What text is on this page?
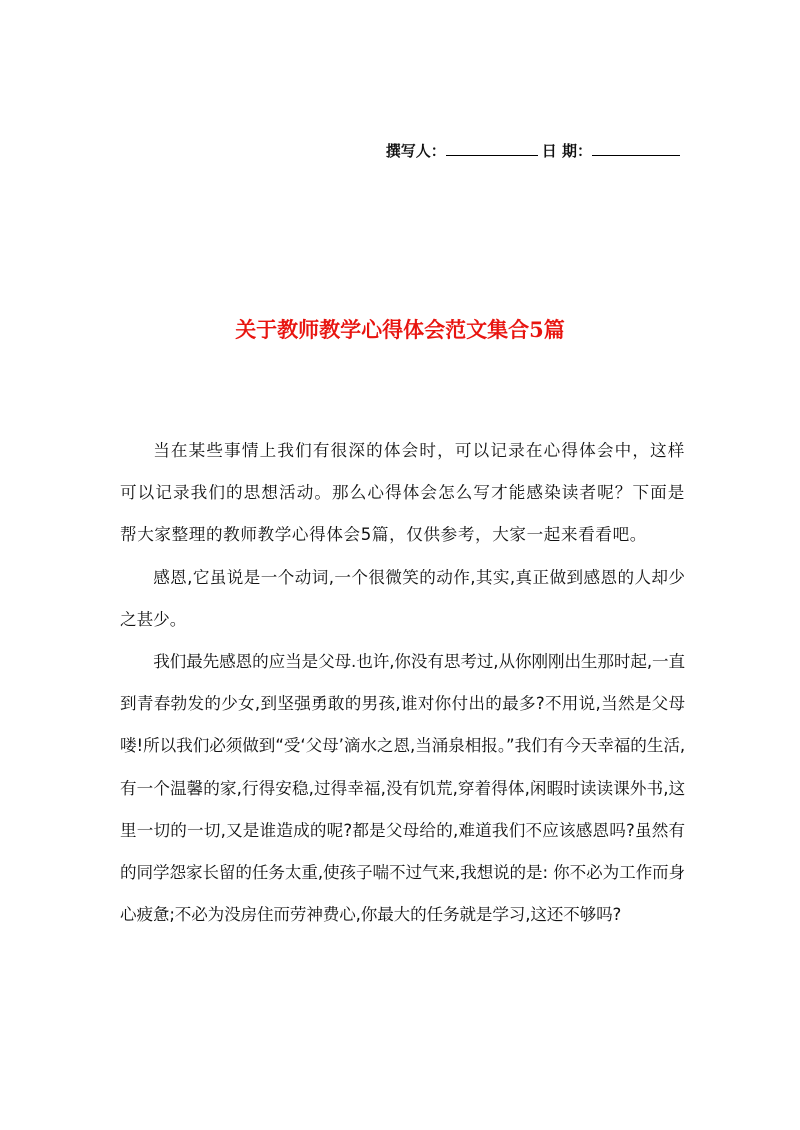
撰写人：	日 期：
关于教师教学心得体会范文集合5篇

当在某些事情上我们有很深的体会时，可以记录在心得体会中，这样可以记录我们的思想活动。那么心得体会怎么写才能感染读者呢？下面是帮大家整理的教师教学心得体会5篇，仅供参考，大家一起来看看吧。

感恩,它虽说是一个动词,一个很微笑的动作,其实,真正做到感恩的人却少之甚少。

我们最先感恩的应当是父母.也许,你没有思考过,从你刚刚出生那时起,一直到青春勃发的少女,到坚强勇敢的男孩,谁对你付出的最多?不用说,当然是父母喽!所以我们必须做到“受‘父母’滴水之恩,当涌泉相报。”我们有今天幸福的生活,有一个温馨的家,行得安稳,过得幸福,没有饥荒,穿着得体,闲暇时读读课外书,这里一切的一切,又是谁造成的呢?都是父母给的,难道我们不应该感恩吗?虽然有的同学怨家长留的任务太重,使孩子喘不过气来,我想说的是: 你不必为工作而身心疲惫;不必为没房住而劳神费心,你最大的任务就是学习,这还不够吗?
